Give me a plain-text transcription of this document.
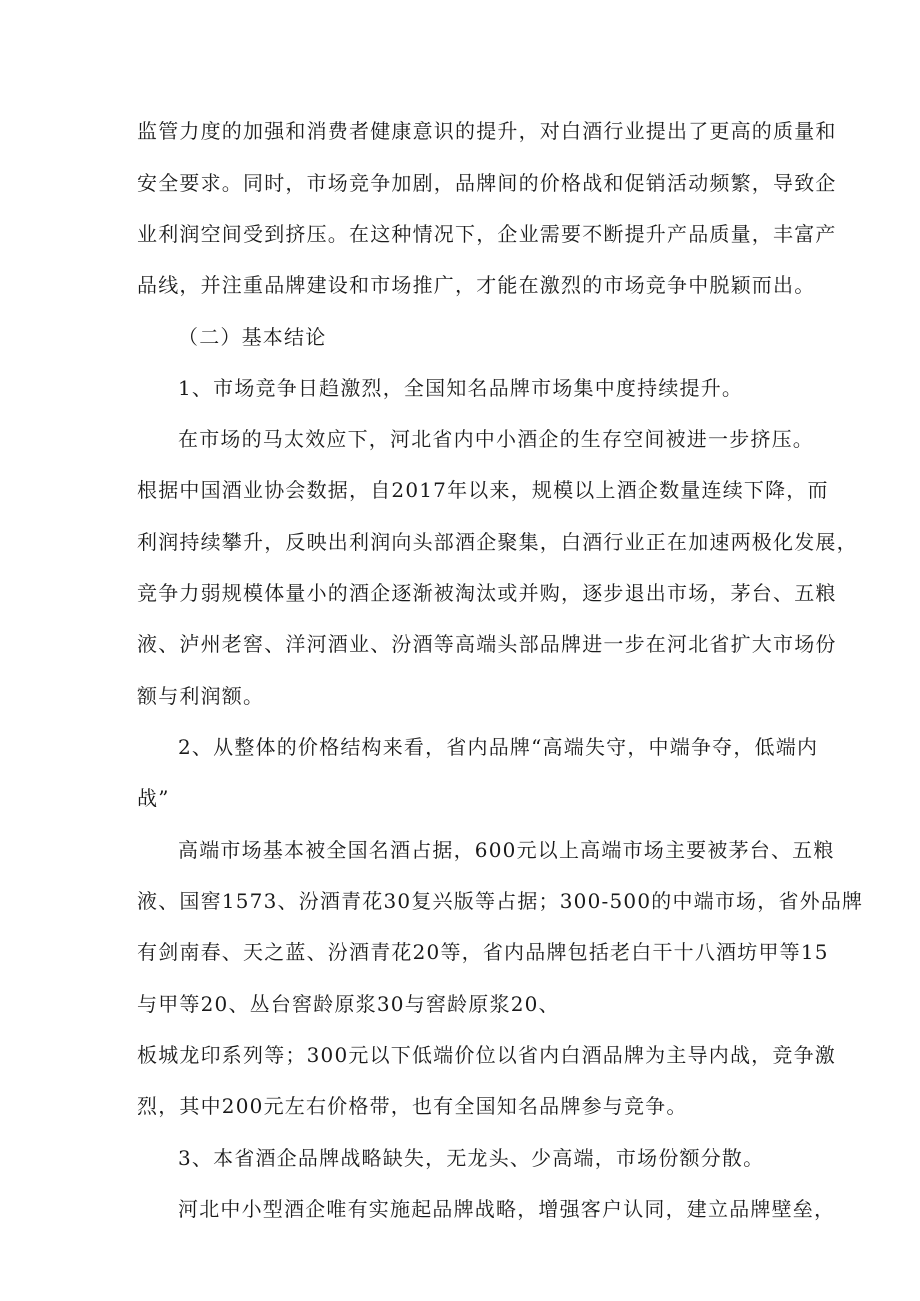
监管力度的加强和消费者健康意识的提升，对白酒行业提出了更高的质量和
安全要求。同时，市场竞争加剧，品牌间的价格战和促销活动频繁，导致企
业利润空间受到挤压。在这种情况下，企业需要不断提升产品质量，丰富产
品线，并注重品牌建设和市场推广，才能在激烈的市场竞争中脱颖而出。
（二）基本结论
1、市场竞争日趋激烈，全国知名品牌市场集中度持续提升。
在市场的马太效应下，河北省内中小酒企的生存空间被进一步挤压。
根据中国酒业协会数据，自2017年以来，规模以上酒企数量连续下降，而
利润持续攀升，反映出利润向头部酒企聚集，白酒行业正在加速两极化发展，
竞争力弱规模体量小的酒企逐渐被淘汰或并购，逐步退出市场，茅台、五粮
液、泸州老窖、洋河酒业、汾酒等高端头部品牌进一步在河北省扩大市场份
额与利润额。
2、从整体的价格结构来看，省内品牌“高端失守，中端争夺，低端内
战”
高端市场基本被全国名酒占据，600元以上高端市场主要被茅台、五粮
液、国窖1573、汾酒青花30复兴版等占据；300-500的中端市场，省外品牌
有剑南春、天之蓝、汾酒青花20等，省内品牌包括老白干十八酒坊甲等15
与甲等20、丛台窖龄原浆30与窖龄原浆20、
板城龙印系列等；300元以下低端价位以省内白酒品牌为主导内战，竞争激
烈，其中200元左右价格带，也有全国知名品牌参与竞争。
3、本省酒企品牌战略缺失，无龙头、少高端，市场份额分散。
河北中小型酒企唯有实施起品牌战略，增强客户认同，建立品牌壁垒，
